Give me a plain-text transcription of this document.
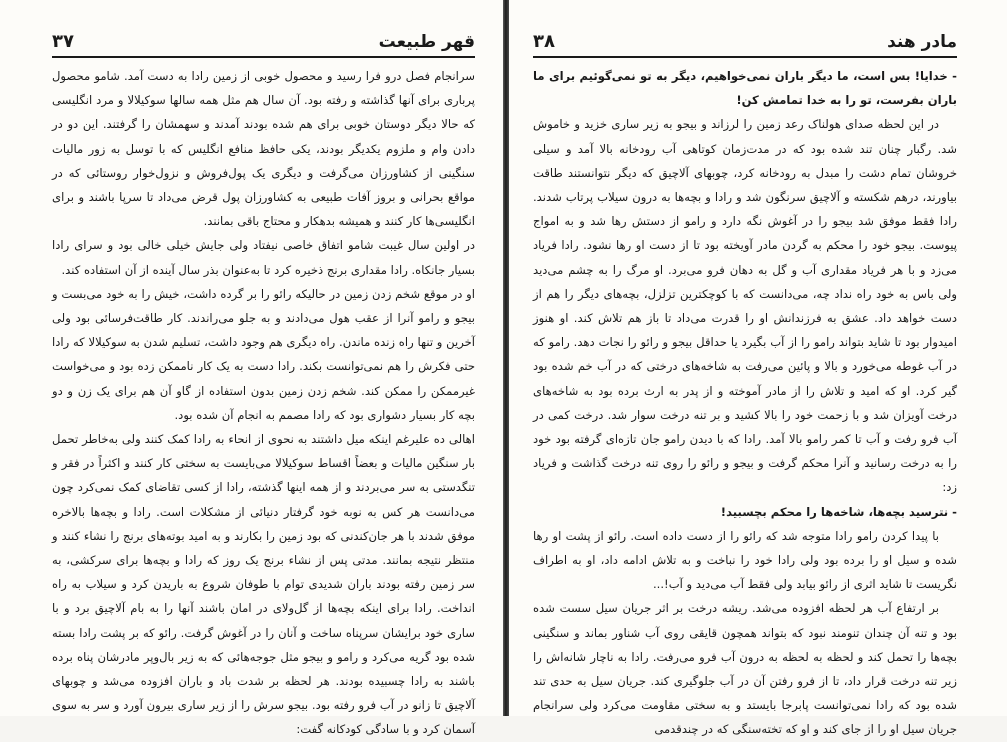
قهر طبیعت
۳۷

سرانجام فصل درو فرا رسید و محصول خوبی از زمین رادا به دست آمد. شامو محصول پرباری برای آنها گذاشته و رفته بود. آن سال هم مثل همه سالها سوکیلالا و مرد انگلیسی که حالا دیگر دوستان خوبی برای هم شده بودند آمدند و سهمشان را گرفتند. این دو در دادن وام و ملزوم یکدیگر بودند، یکی حافظ منافع انگلیس که با توسل به زور مالیات سنگینی از کشاورزان می‌گرفت و دیگری یک پول‌فروش و نزول‌خوار روستائی که در مواقع بحرانی و بروز آفات طبیعی به کشاورزان پول قرض می‌داد تا سرپا باشند و برای انگلیسی‌ها کار کنند و همیشه بدهکار و محتاج باقی بمانند.

در اولین سال غیبت شامو اتفاق خاصی نیفتاد ولی جایش خیلی خالی بود و سرای رادا بسیار جانکاه. رادا مقداری برنج ذخیره کرد تا به‌عنوان بذر سال آینده از آن استفاده کند.

او در موقع شخم زدن زمین در حالیکه رائو را بر گرده داشت، خیش را به خود می‌بست و بیجو و رامو آنرا از عقب هول می‌دادند و به جلو می‌راندند. کار طاقت‌فرسائی بود ولی آخرین و تنها راه زنده ماندن. راه دیگری هم وجود داشت، تسلیم شدن به سوکیلالا که رادا حتی فکرش را هم نمی‌توانست بکند. رادا دست به یک کار ناممکن زده بود و می‌خواست غیرممکن را ممکن کند. شخم زدن زمین بدون استفاده از گاو آن هم برای یک زن و دو بچه کار بسیار دشواری بود که رادا مصمم به انجام آن شده بود.

اهالی ده علیرغم اینکه میل داشتند به نحوی از انحاء به رادا کمک کنند ولی به‌خاطر تحمل بار سنگین مالیات و بعضاً اقساط سوکیلالا می‌بایست به سختی کار کنند و اکثراً در فقر و تنگدستی به سر می‌بردند و از همه اینها گذشته، رادا از کسی تقاضای کمک نمی‌کرد چون می‌دانست هر کس به نوبه خود گرفتار دنیائی از مشکلات است. رادا و بچه‌ها بالاخره موفق شدند با هر جان‌کندنی که بود زمین را بکارند و به امید بوته‌های برنج را نشاء کنند و منتظر نتیجه بمانند. مدتی پس از نشاء برنج یک روز که رادا و بچه‌ها برای سرکشی، به سر زمین رفته بودند باران شدیدی توام با طوفان شروع به باریدن کرد و سیلاب به راه انداخت. رادا برای اینکه بچه‌ها از گل‌ولای در امان باشند آنها را به بام آلاچیق برد و با ساری خود برایشان سرپناه ساخت و آنان را در آغوش گرفت. رائو که بر پشت رادا بسته شده بود گریه می‌کرد و رامو و بیجو مثل جوجه‌هائی که به زیر بال‌وپر مادرشان پناه برده باشند به رادا چسبیده بودند. هر لحظه بر شدت باد و باران افزوده می‌شد و چوبهای آلاچیق تا زانو در آب فرو رفته بود. بیجو سرش را از زیر ساری بیرون آورد و سر به سوی آسمان کرد و با سادگی کودکانه گفت:

مادر هند
۳۸

- خدایا! بس است، ما دیگر باران نمی‌خواهیم، دیگر به تو نمی‌گوئیم برای ما باران بفرست، تو را به خدا تمامش کن!

در این لحظه صدای هولناک رعد زمین را لرزاند و بیجو به زیر ساری خزید و خاموش شد. رگبار چنان تند شده بود که در مدت‌زمان کوتاهی آب رودخانه بالا آمد و سیلی خروشان تمام دشت را مبدل به رودخانه کرد، چوبهای آلاچیق که دیگر نتوانستند طاقت بیاورند، درهم شکسته و آلاچیق سرنگون شد و رادا و بچه‌ها به درون سیلاب پرتاب شدند. رادا فقط موفق شد بیجو را در آغوش نگه دارد و رامو از دستش رها شد و به امواج پیوست. بیجو خود را محکم به گردن مادر آویخته بود تا از دست او رها نشود. رادا فریاد می‌زد و با هر فریاد مقداری آب و گل به دهان فرو می‌برد. او مرگ را به چشم می‌دید ولی باس به خود راه نداد چه، می‌دانست که با کوچکترین تزلزل، بچه‌های دیگر را هم از دست خواهد داد. عشق به فرزندانش او را قدرت می‌داد تا باز هم تلاش کند. او هنوز امیدوار بود تا شاید بتواند رامو را از آب بگیرد یا حداقل بیجو و رائو را نجات دهد. رامو که در آب غوطه می‌خورد و بالا و پائین می‌رفت به شاخه‌های درختی که در آب خم شده بود گیر کرد. او که امید و تلاش را از مادر آموخته و از پدر به ارث برده بود به شاخه‌های درخت آویزان شد و با زحمت خود را بالا کشید و بر تنه درخت سوار شد. درخت کمی در آب فرو رفت و آب تا کمر رامو بالا آمد. رادا که با دیدن رامو جان تازه‌ای گرفته بود خود را به درخت رسانید و آنرا محکم گرفت و بیجو و رائو را روی تنه درخت گذاشت و فریاد زد:

- نترسید بچه‌ها، شاخه‌ها را محکم بچسبید!

با پیدا کردن رامو رادا متوجه شد که رائو را از دست داده است. رائو از پشت او رها شده و سیل او را برده بود ولی رادا خود را نباخت و به تلاش ادامه داد، او به اطراف نگریست تا شاید اثری از رائو بیابد ولی فقط آب می‌دید و آب!...

بر ارتفاع آب هر لحظه افزوده می‌شد. ریشه درخت بر اثر جریان سیل سست شده بود و تنه آن چندان تنومند نبود که بتواند همچون قایقی روی آب شناور بماند و سنگینی بچه‌ها را تحمل کند و لحظه به لحظه به درون آب فرو می‌رفت. رادا به ناچار شانه‌اش را زیر تنه درخت قرار داد، تا از فرو رفتن آن در آب جلوگیری کند. جریان سیل به حدی تند شده بود که رادا نمی‌توانست پابرجا بایستد و به سختی مقاومت می‌کرد ولی سرانجام جریان سیل او را از جای کند و او که تخته‌سنگی که در چندقدمی
